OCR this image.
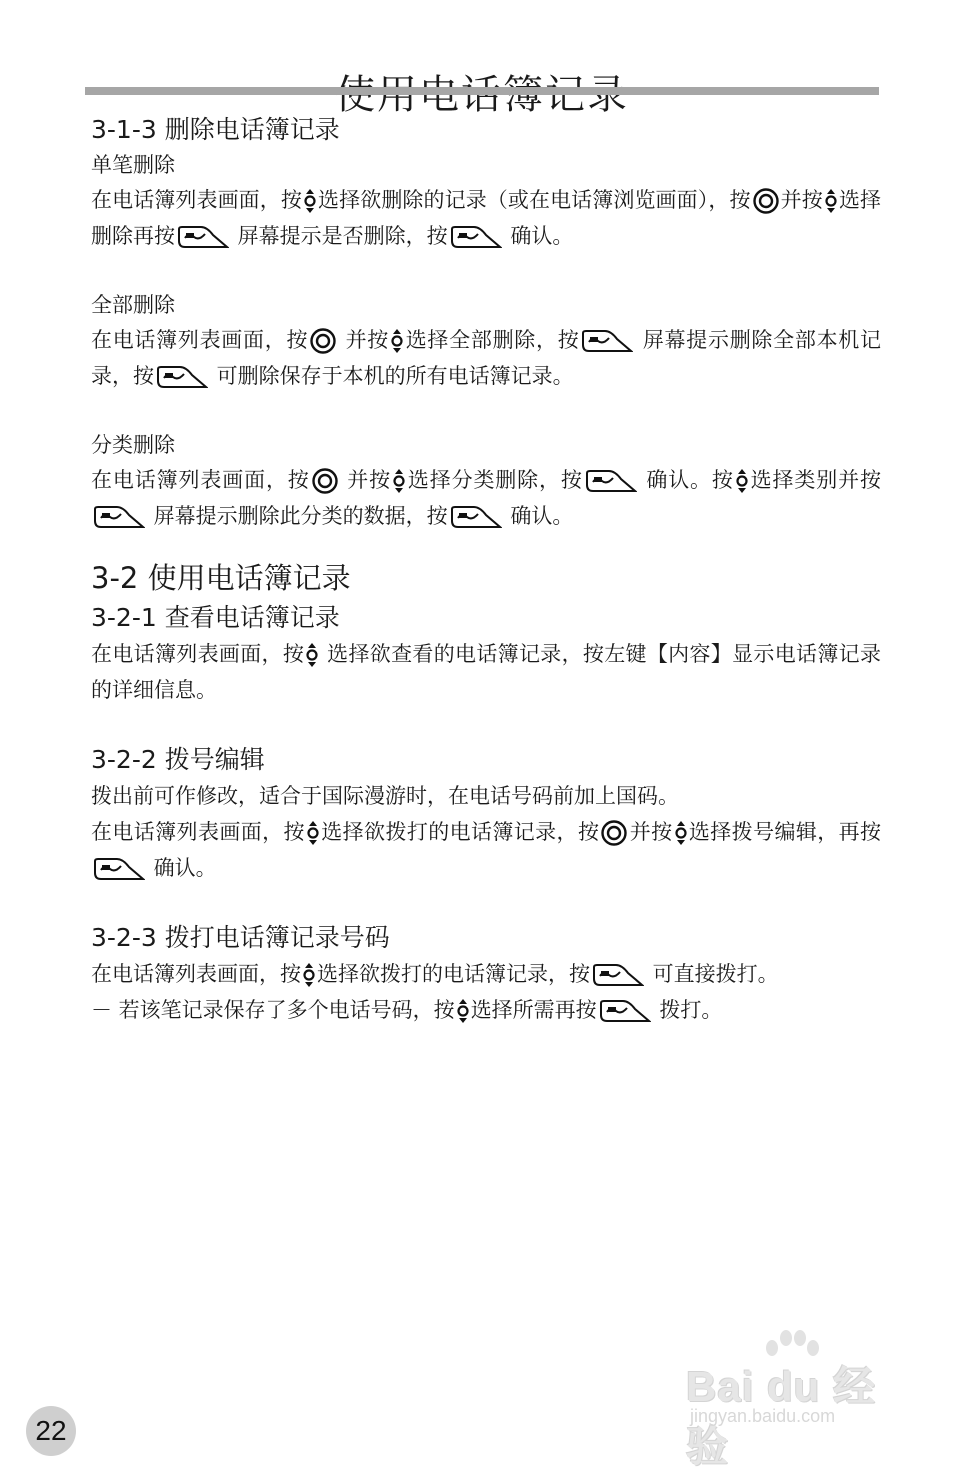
3-1-3 删除电话簿记录

单笔删除

在电话簿列表画面，按 选择欲删除的记录（或在电话簿浏览画面），按 并按 选择删除再按	屏幕提示是否删除，按	确认。

全部删除

在电话簿列表画面，按 并按 选择全部删除，按	屏幕提示删除全部本机记录，按	可删除保存于本机的所有电话簿记录。

分类删除

在电话簿列表画面，按 并按 选择分类删除，按	确认。按 选择类别并按 屏幕提示删除此分类的数据，按	确认。

3-2 使用电话簿记录
3-2-1 查看电话簿记录

在电话簿列表画面，按 选择欲查看的电话簿记录，按左键【内容】显示电话簿记录的详细信息。

3-2-2 拨号编辑

拨出前可作修改，适合于国际漫游时，在电话号码前加上国码。

在电话簿列表画面，按 选择欲拨打的电话簿记录，按 并按 选择拨号编辑，再按 确认。

3-2-3 拨打电话簿记录号码

在电话簿列表画面，按 选择欲拨打的电话簿记录，按	可直接拨打。

－ 若该笔记录保存了多个电话号码，按 选择所需再按	拨打。

Bai du 经验
jingyan.baidu.com
22
